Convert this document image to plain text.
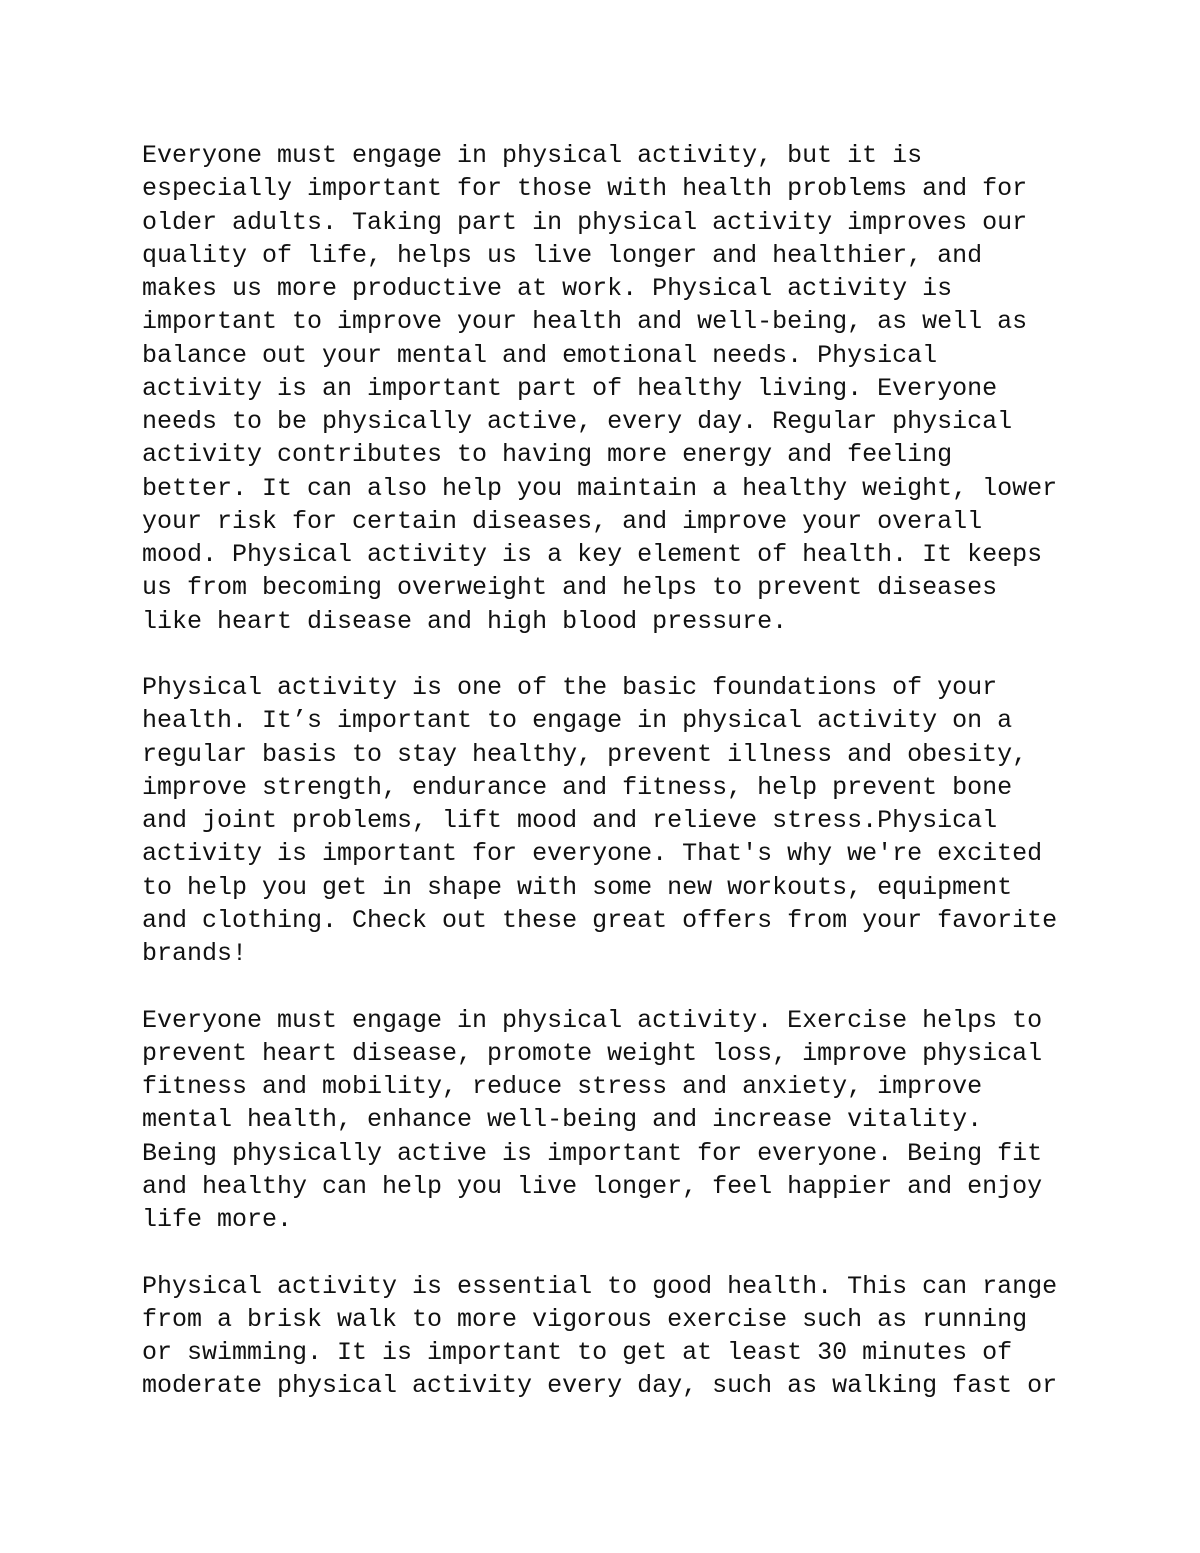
Everyone must engage in physical activity, but it is
especially important for those with health problems and for
older adults. Taking part in physical activity improves our
quality of life, helps us live longer and healthier, and
makes us more productive at work. Physical activity is
important to improve your health and well-being, as well as
balance out your mental and emotional needs. Physical
activity is an important part of healthy living. Everyone
needs to be physically active, every day. Regular physical
activity contributes to having more energy and feeling
better. It can also help you maintain a healthy weight, lower
your risk for certain diseases, and improve your overall
mood. Physical activity is a key element of health. It keeps
us from becoming overweight and helps to prevent diseases
like heart disease and high blood pressure.
Physical activity is one of the basic foundations of your
health. It’s important to engage in physical activity on a
regular basis to stay healthy, prevent illness and obesity,
improve strength, endurance and fitness, help prevent bone
and joint problems, lift mood and relieve stress.Physical
activity is important for everyone. That's why we're excited
to help you get in shape with some new workouts, equipment
and clothing. Check out these great offers from your favorite
brands!
Everyone must engage in physical activity. Exercise helps to
prevent heart disease, promote weight loss, improve physical
fitness and mobility, reduce stress and anxiety, improve
mental health, enhance well-being and increase vitality.
Being physically active is important for everyone. Being fit
and healthy can help you live longer, feel happier and enjoy
life more.
Physical activity is essential to good health. This can range
from a brisk walk to more vigorous exercise such as running
or swimming. It is important to get at least 30 minutes of
moderate physical activity every day, such as walking fast or
